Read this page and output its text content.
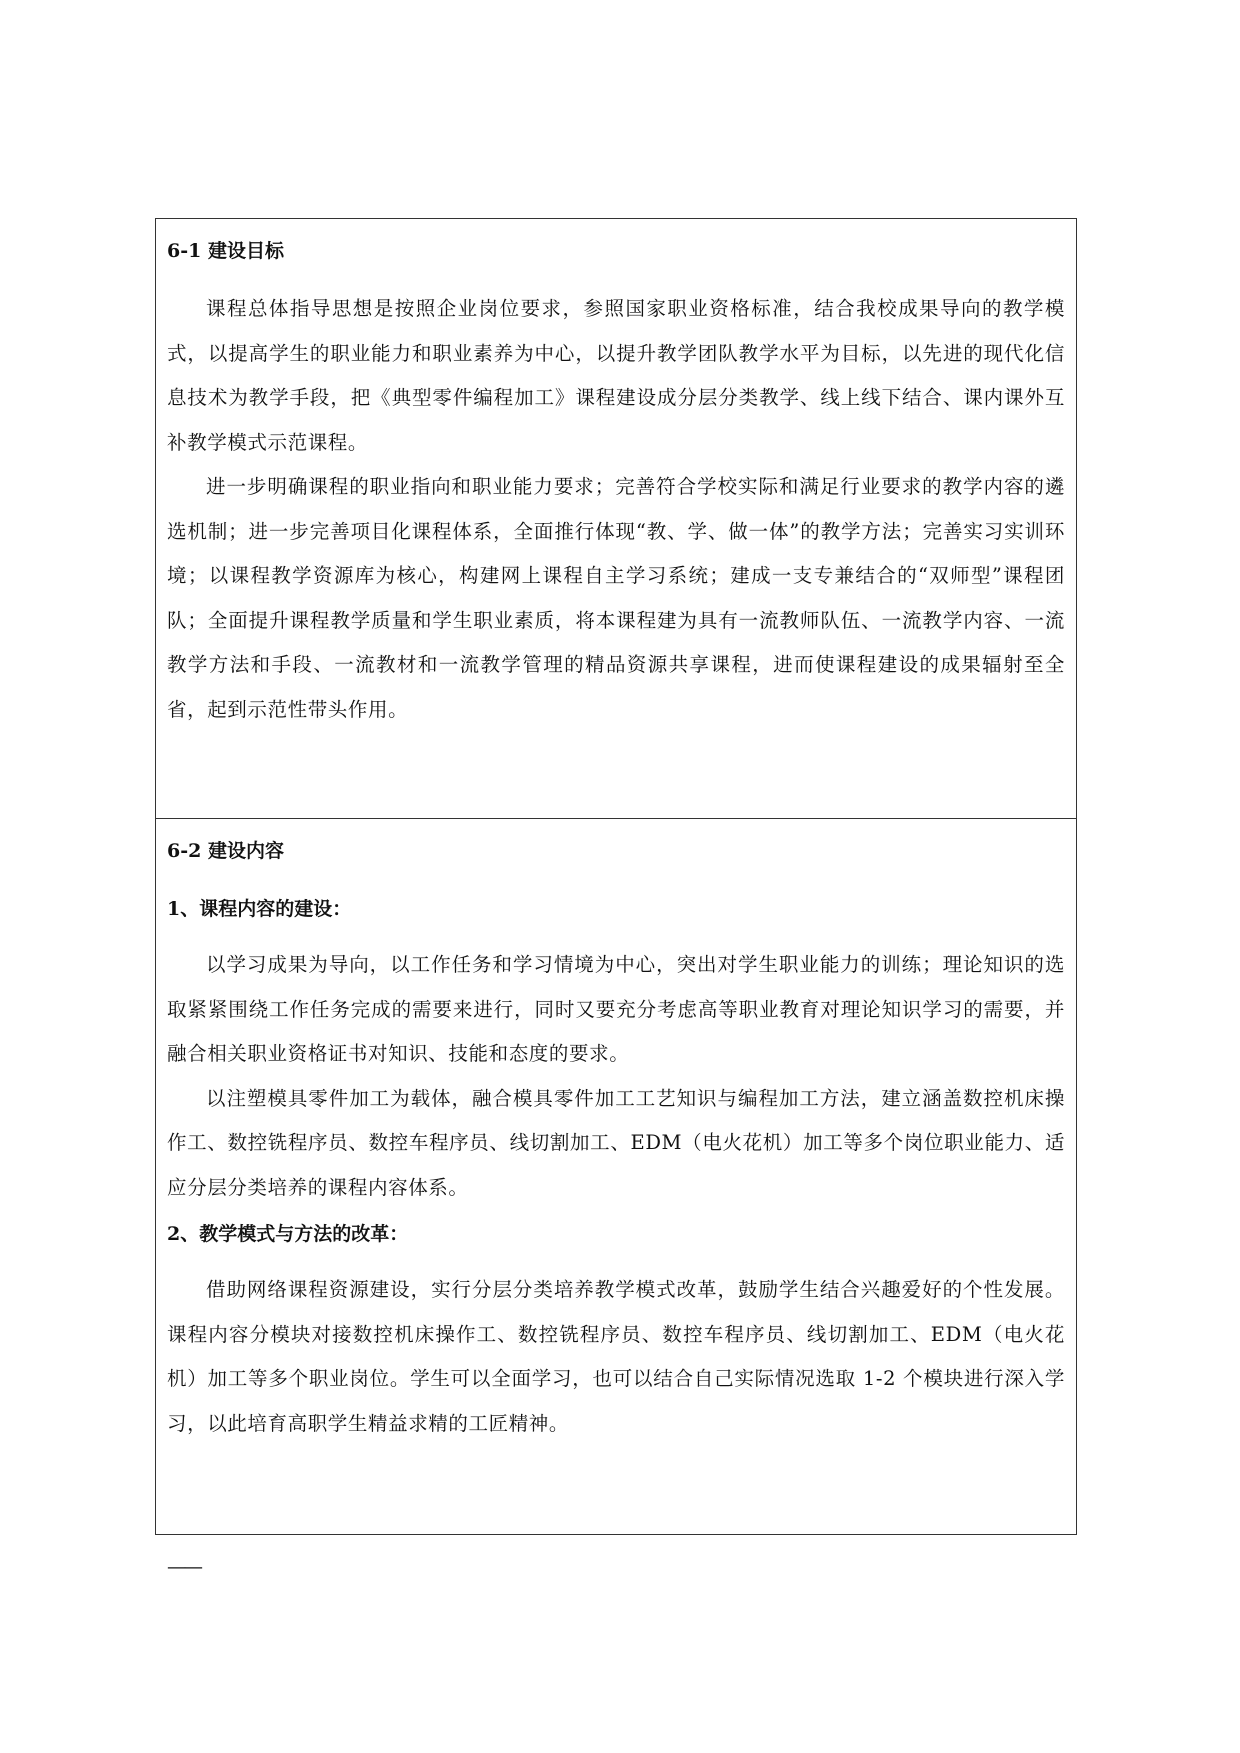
6-1 建设目标

课程总体指导思想是按照企业岗位要求，参照国家职业资格标准，结合我校成果导向的教学模式，以提高学生的职业能力和职业素养为中心，以提升教学团队教学水平为目标，以先进的现代化信息技术为教学手段，把《典型零件编程加工》课程建设成分层分类教学、线上线下结合、课内课外互补教学模式示范课程。

进一步明确课程的职业指向和职业能力要求；完善符合学校实际和满足行业要求的教学内容的遴选机制；进一步完善项目化课程体系，全面推行体现“教、学、做一体”的教学方法；完善实习实训环境；以课程教学资源库为核心，构建网上课程自主学习系统；建成一支专兼结合的“双师型”课程团队；全面提升课程教学质量和学生职业素质，将本课程建为具有一流教师队伍、一流教学内容、一流教学方法和手段、一流教材和一流教学管理的精品资源共享课程，进而使课程建设的成果辐射至全省，起到示范性带头作用。

6-2 建设内容

1、课程内容的建设：

以学习成果为导向，以工作任务和学习情境为中心，突出对学生职业能力的训练；理论知识的选取紧紧围绕工作任务完成的需要来进行，同时又要充分考虑高等职业教育对理论知识学习的需要，并融合相关职业资格证书对知识、技能和态度的要求。

以注塑模具零件加工为载体，融合模具零件加工工艺知识与编程加工方法，建立涵盖数控机床操作工、数控铣程序员、数控车程序员、线切割加工、EDM（电火花机）加工等多个岗位职业能力、适应分层分类培养的课程内容体系。

2、教学模式与方法的改革：

借助网络课程资源建设，实行分层分类培养教学模式改革，鼓励学生结合兴趣爱好的个性发展。课程内容分模块对接数控机床操作工、数控铣程序员、数控车程序员、线切割加工、EDM（电火花机）加工等多个职业岗位。学生可以全面学习，也可以结合自己实际情况选取 1-2 个模块进行深入学习，以此培育高职学生精益求精的工匠精神。

——
